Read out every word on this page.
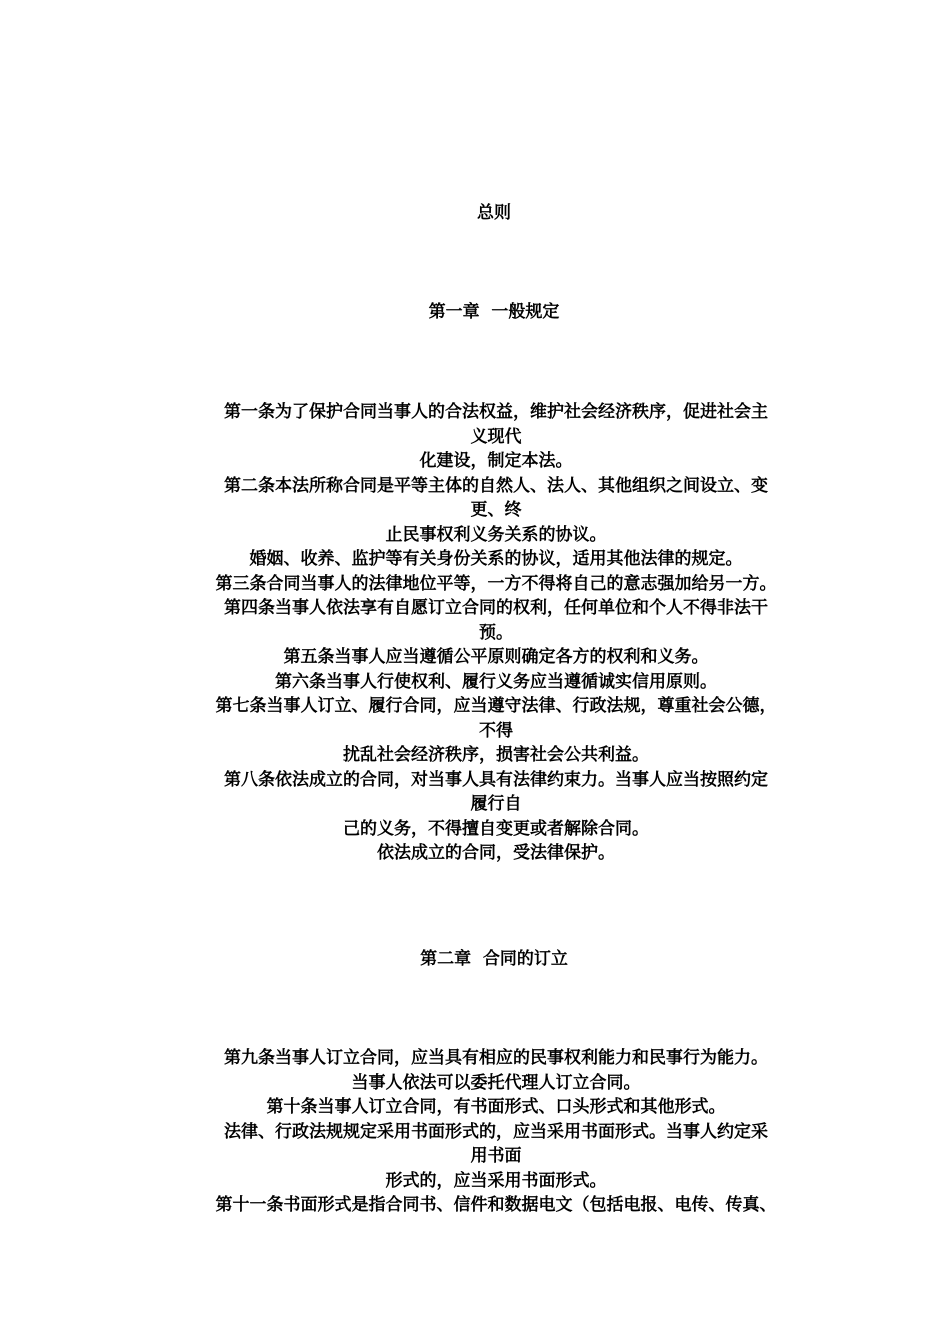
总则
第一章  一般规定

第一条为了保护合同当事人的合法权益，维护社会经济秩序，促进社会主

义现代

化建设，制定本法。

第二条本法所称合同是平等主体的自然人、法人、其他组织之间设立、变

更、终

止民事权利义务关系的协议。

婚姻、收养、监护等有关身份关系的协议，适用其他法律的规定。

第三条合同当事人的法律地位平等，一方不得将自己的意志强加给另一方。

第四条当事人依法享有自愿订立合同的权利，任何单位和个人不得非法干

预。

第五条当事人应当遵循公平原则确定各方的权利和义务。

第六条当事人行使权利、履行义务应当遵循诚实信用原则。

第七条当事人订立、履行合同，应当遵守法律、行政法规，尊重社会公德，

不得

扰乱社会经济秩序，损害社会公共利益。

第八条依法成立的合同，对当事人具有法律约束力。当事人应当按照约定

履行自

己的义务，不得擅自变更或者解除合同。

依法成立的合同，受法律保护。

第二章  合同的订立

第九条当事人订立合同，应当具有相应的民事权利能力和民事行为能力。

当事人依法可以委托代理人订立合同。

第十条当事人订立合同，有书面形式、口头形式和其他形式。

法律、行政法规规定采用书面形式的，应当采用书面形式。当事人约定采

用书面

形式的，应当采用书面形式。

第十一条书面形式是指合同书、信件和数据电文（包括电报、电传、传真、
